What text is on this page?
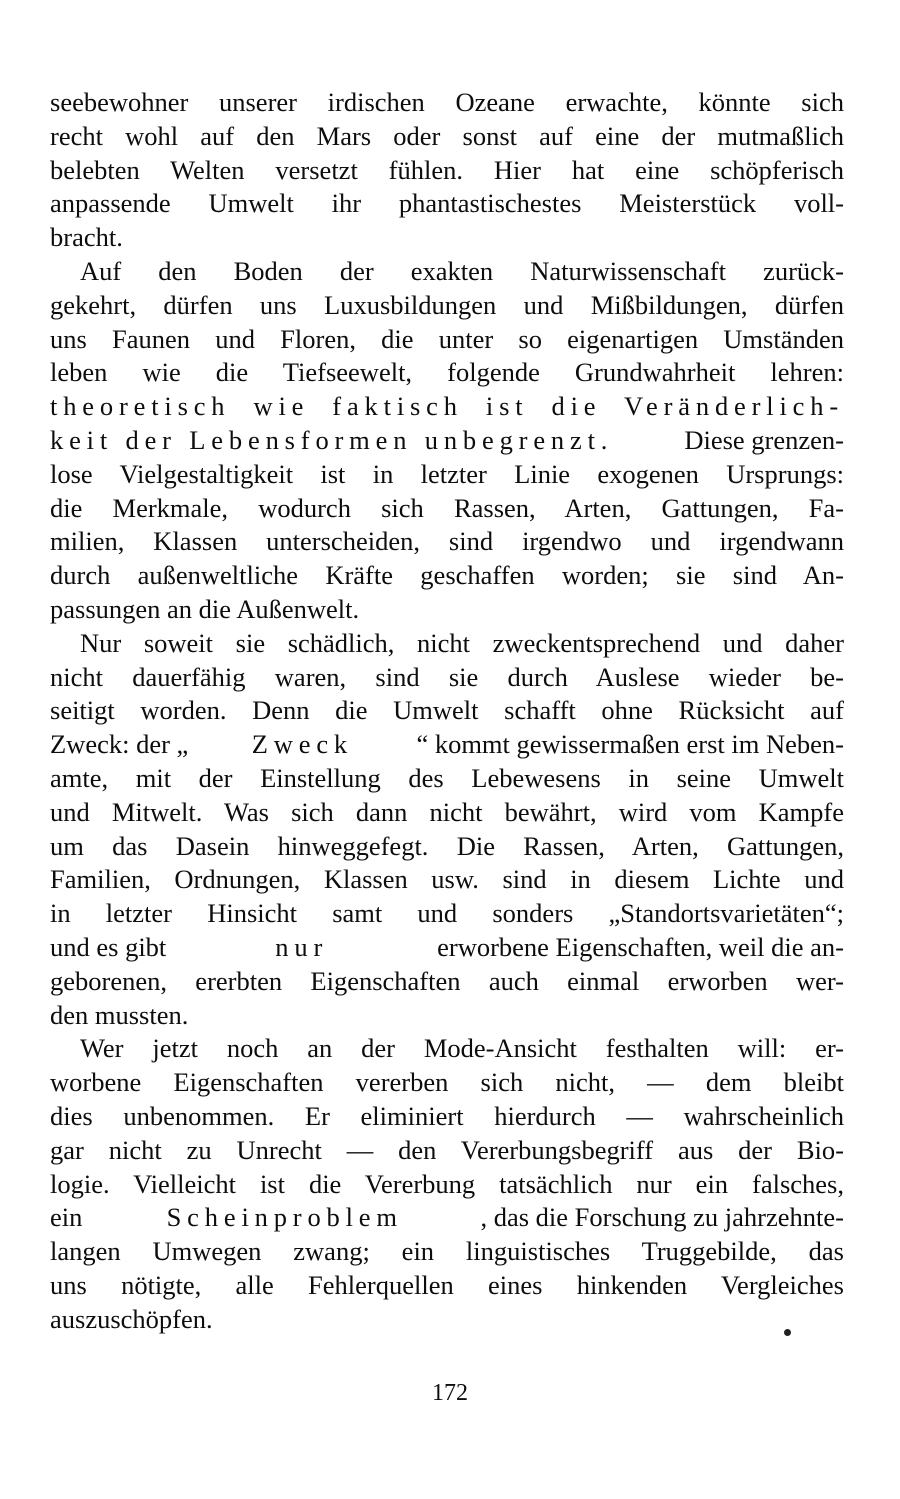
seebewohner unserer irdischen Ozeane erwachte, könnte sich
recht wohl auf den Mars oder sonst auf eine der mutmaßlich
belebten Welten versetzt fühlen. Hier hat eine schöpferisch
anpassende Umwelt ihr phantastischestes Meisterstück voll-
bracht.
Auf den Boden der exakten Naturwissenschaft zurück-
gekehrt, dürfen uns Luxusbildungen und Mißbildungen, dürfen
uns Faunen und Floren, die unter so eigenartigen Umständen
leben wie die Tiefseewelt, folgende Grundwahrheit lehren:
theoretisch wie faktisch ist die Veränderlich-
keit der Lebensformen unbegrenzt.	Diese grenzen-
lose Vielgestaltigkeit ist in letzter Linie exogenen Ursprungs:
die Merkmale, wodurch sich Rassen, Arten, Gattungen, Fa-
milien, Klassen unterscheiden, sind irgendwo und irgendwann
durch außenweltliche Kräfte geschaffen worden; sie sind An-
passungen an die Außenwelt.
Nur soweit sie schädlich, nicht zweckentsprechend und daher
nicht dauerfähig waren, sind sie durch Auslese wieder be-
seitigt worden. Denn die Umwelt schafft ohne Rücksicht auf
Zweck: der „ Zweck “ kommt gewissermaßen erst im Neben-
amte, mit der Einstellung des Lebewesens in seine Umwelt
und Mitwelt. Was sich dann nicht bewährt, wird vom Kampfe
um das Dasein hinweggefegt. Die Rassen, Arten, Gattungen,
Familien, Ordnungen, Klassen usw. sind in diesem Lichte und
in letzter Hinsicht samt und sonders „Standortsvarietäten“;
und es gibt	nur	erworbene Eigenschaften, weil die an-
geborenen, ererbten Eigenschaften auch einmal erworben wer-
den mussten.
Wer jetzt noch an der Mode-Ansicht festhalten will: er-
worbene Eigenschaften vererben sich nicht, — dem bleibt
dies unbenommen. Er eliminiert hierdurch — wahrscheinlich
gar nicht zu Unrecht — den Vererbungsbegriff aus der Bio-
logie. Vielleicht ist die Vererbung tatsächlich nur ein falsches,
ein	Scheinproblem	, das die Forschung zu jahrzehnte-
langen Umwegen zwang; ein linguistisches Truggebilde, das
uns nötigte, alle Fehlerquellen eines hinkenden Vergleiches
auszuschöpfen.
172
